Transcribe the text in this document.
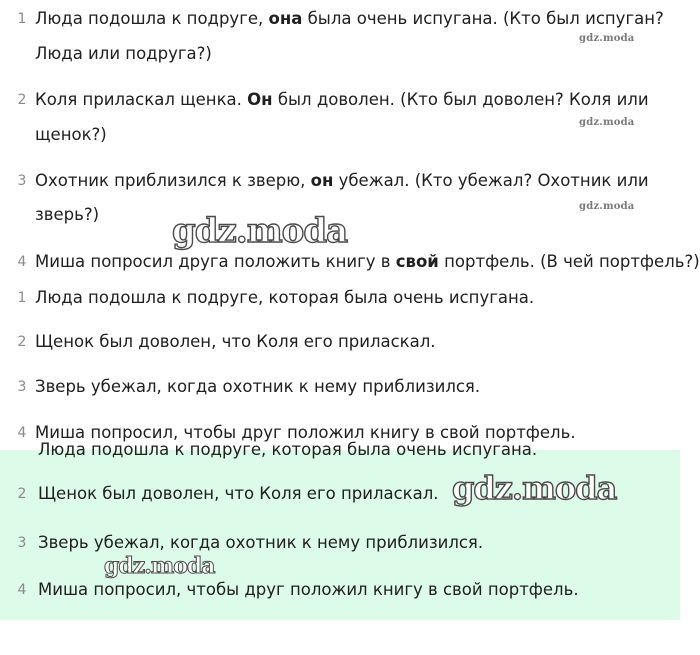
1 Люда подошла к подруге, она была очень испугана. (Кто был испуган?
Люда или подруга?)
2 Коля приласкал щенка. Он был доволен. (Кто был доволен? Коля или
щенок?)
3 Охотник приблизился к зверю, он убежал. (Кто убежал? Охотник или
зверь?)
4 Миша попросил друга положить книгу в свой портфель. (В чей портфель?)
1 Люда подошла к подруге, которая была очень испугана.
2 Щенок был доволен, что Коля его приласкал.
3 Зверь убежал, когда охотник к нему приблизился.
4 Миша попросил, чтобы друг положил книгу в свой портфель.
Люда подошла к подруге, которая была очень испугана.
2 Щенок был доволен, что Коля его приласкал.
3 Зверь убежал, когда охотник к нему приблизился.
4 Миша попросил, чтобы друг положил книгу в свой портфель.
gdz.moda
gdz.moda
gdz.moda
gdz.moda
gdz.moda
gdz.moda
